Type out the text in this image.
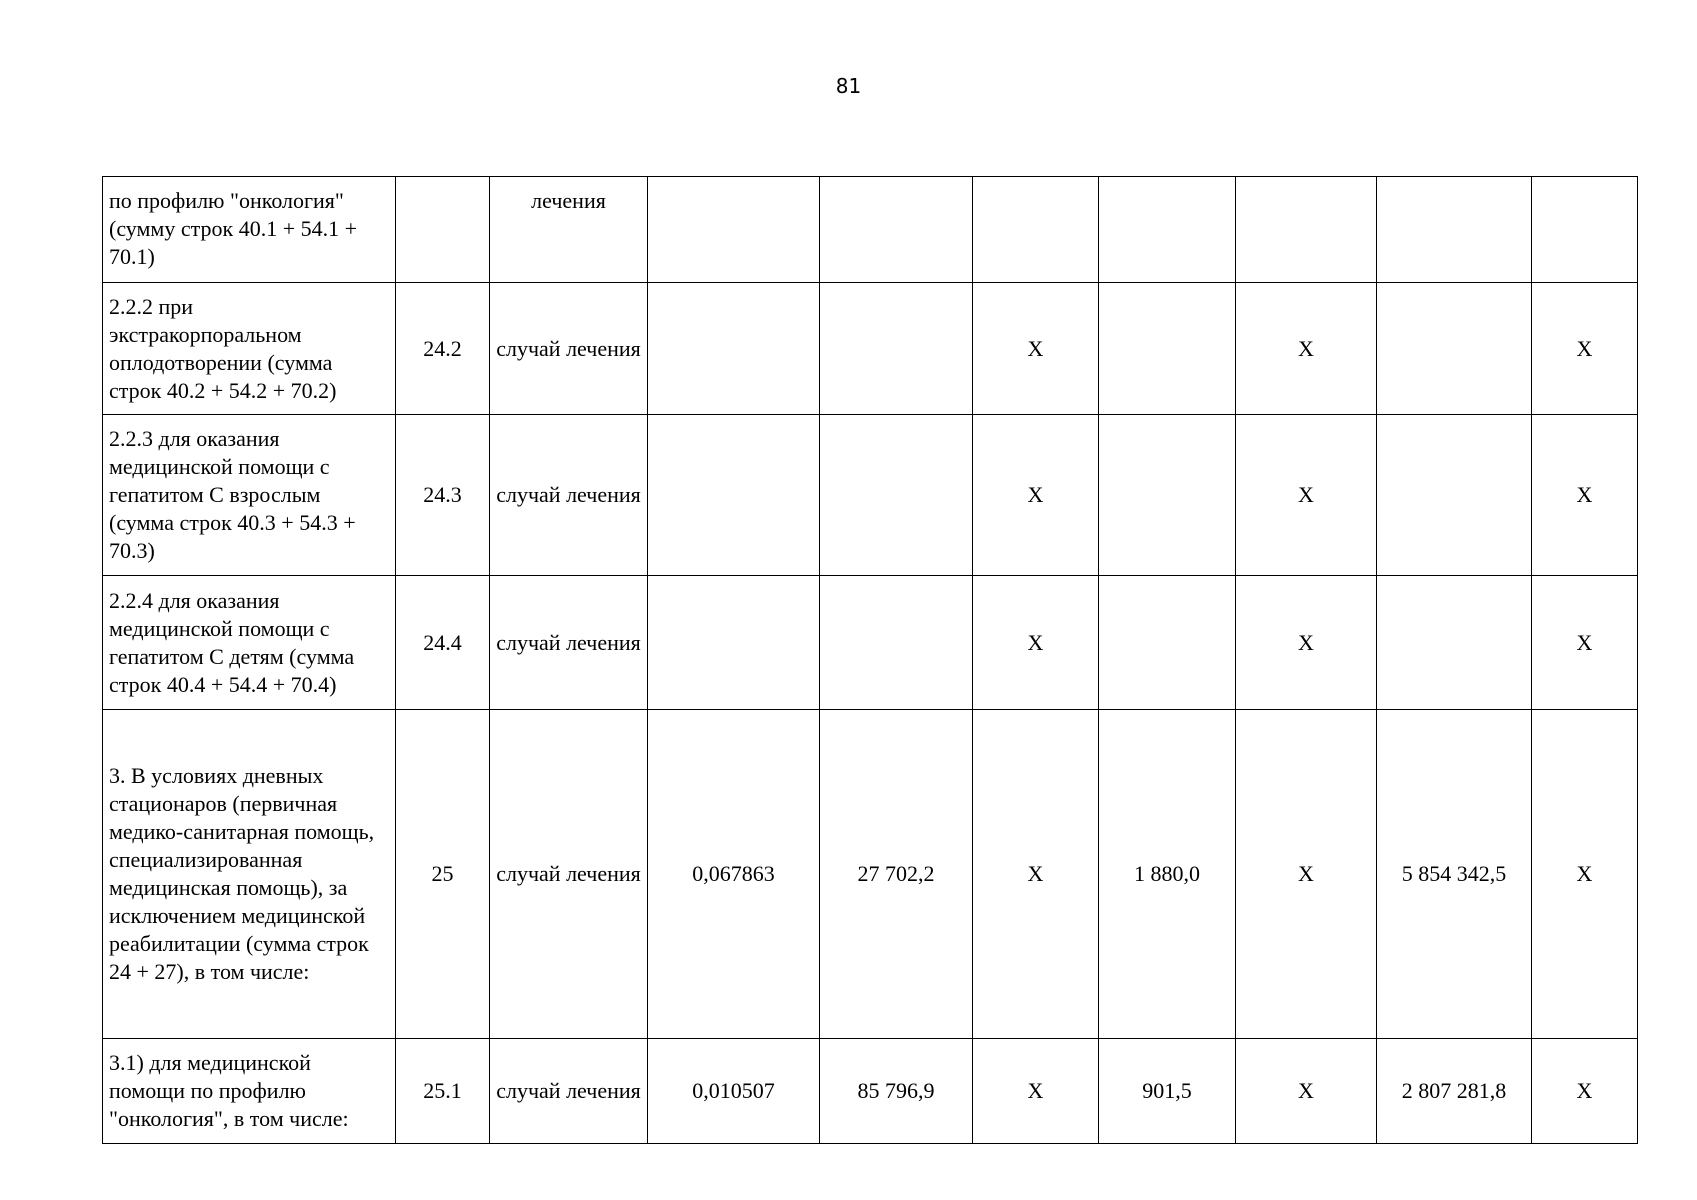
81
по профилю "онкология" (сумму строк 40.1 + 54.1 + 70.1)		лечения							
2.2.2 при экстракорпоральном оплодотворении (сумма строк 40.2 + 54.2 + 70.2)	24.2	случай лечения			X		X		X
2.2.3 для оказания медицинской помощи с гепатитом С взрослым (сумма строк 40.3 + 54.3 + 70.3)	24.3	случай лечения			X		X		X
2.2.4 для оказания медицинской помощи с гепатитом С детям (сумма строк 40.4 + 54.4 + 70.4)	24.4	случай лечения			X		X		X
3. В условиях дневных стационаров (первичная медико-санитарная помощь, специализированная медицинская помощь), за исключением медицинской реабилитации (сумма строк 24 + 27), в том числе:	25	случай лечения	0,067863	27 702,2	X	1 880,0	X	5 854 342,5	X
3.1) для медицинской помощи по профилю "онкология", в том числе:	25.1	случай лечения	0,010507	85 796,9	X	901,5	X	2 807 281,8	X
